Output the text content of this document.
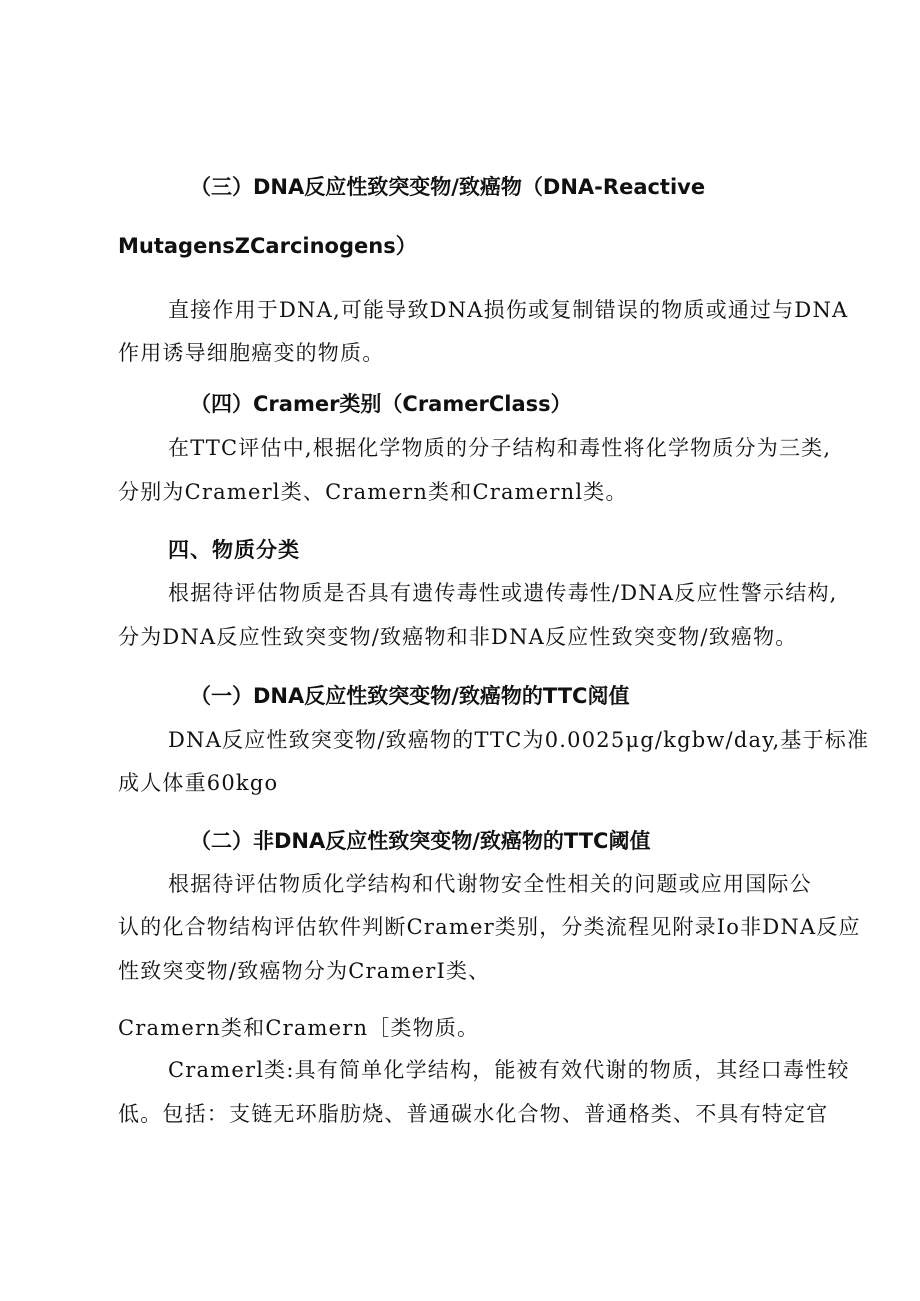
（三）DNA反应性致突变物/致癌物（DNA-Reactive
MutagensZCarcinogens）
直接作用于DNA,可能导致DNA损伤或复制错误的物质或通过与DNA
作用诱导细胞癌变的物质。
（四）Cramer类别（CramerClass）
在TTC评估中,根据化学物质的分子结构和毒性将化学物质分为三类,
分别为Cramerl类、Cramern类和Cramernl类。
四、物质分类
根据待评估物质是否具有遗传毒性或遗传毒性/DNA反应性警示结构,
分为DNA反应性致突变物/致癌物和非DNA反应性致突变物/致癌物。
（一）DNA反应性致突变物/致癌物的TTC阅值
DNA反应性致突变物/致癌物的TTC为0.0025μg/kgbw/day,基于标准
成人体重60kgo
（二）非DNA反应性致突变物/致癌物的TTC阈值
根据待评估物质化学结构和代谢物安全性相关的问题或应用国际公
认的化合物结构评估软件判断Cramer类别，分类流程见附录Io非DNA反应
性致突变物/致癌物分为CramerI类、
Cramern类和Cramern［类物质。
Cramerl类:具有简单化学结构，能被有效代谢的物质，其经口毒性较
低。包括：支链无环脂肪烧、普通碳水化合物、普通格类、不具有特定官
